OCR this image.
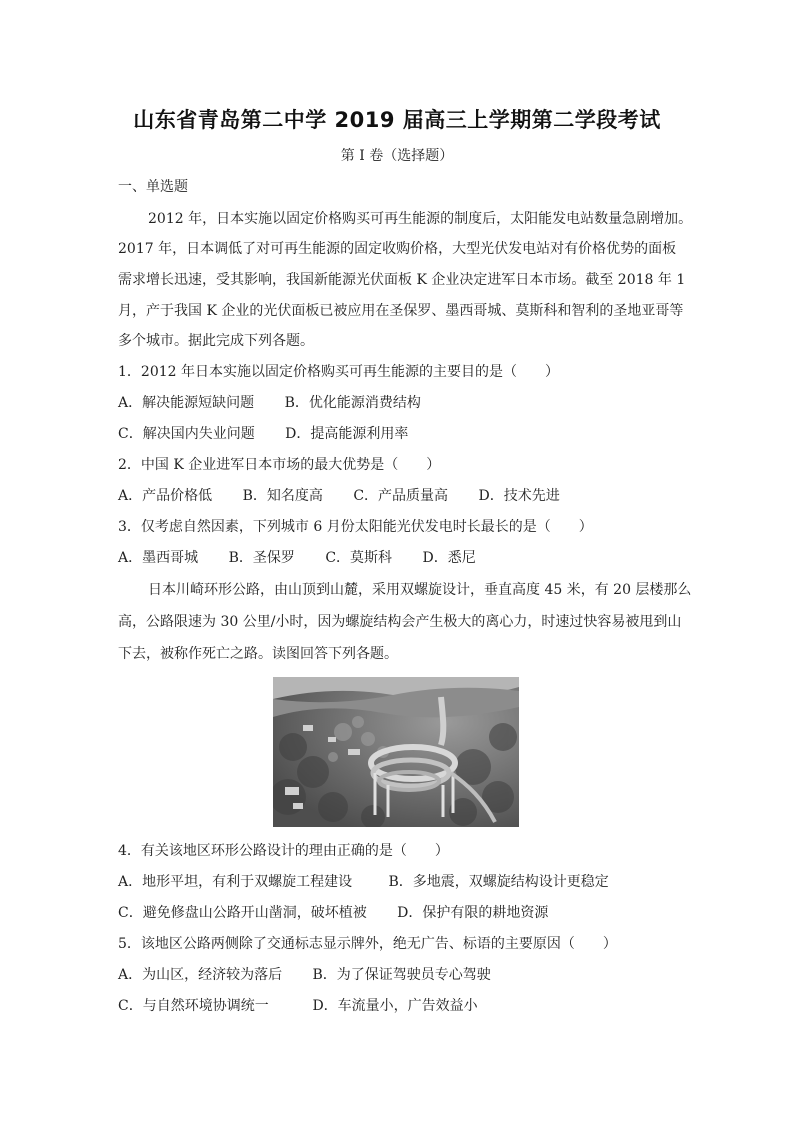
山东省青岛第二中学 2019 届高三上学期第二学段考试
第 I 卷（选择题）
一、单选题
2012 年，日本实施以固定价格购买可再生能源的制度后，太阳能发电站数量急剧增加。
2017 年，日本调低了对可再生能源的固定收购价格，大型光伏发电站对有价格优势的面板
需求增长迅速，受其影响，我国新能源光伏面板 K 企业决定进军日本市场。截至 2018 年 1
月，产于我国 K 企业的光伏面板已被应用在圣保罗、墨西哥城、莫斯科和智利的圣地亚哥等
多个城市。据此完成下列各题。
1．2012 年日本实施以固定价格购买可再生能源的主要目的是（　　）
A．解决能源短缺问题 B．优化能源消费结构
C．解决国内失业问题 D．提高能源利用率
2．中国 K 企业进军日本市场的最大优势是（　　）
A．产品价格低 B．知名度高 C．产品质量高 D．技术先进
3．仅考虑自然因素，下列城市 6 月份太阳能光伏发电时长最长的是（　　）
A．墨西哥城 B．圣保罗 C．莫斯科 D．悉尼
日本川崎环形公路，由山顶到山麓，采用双螺旋设计，垂直高度 45 米，有 20 层楼那么
高，公路限速为 30 公里/小时，因为螺旋结构会产生极大的离心力，时速过快容易被甩到山
下去，被称作死亡之路。读图回答下列各题。
4．有关该地区环形公路设计的理由正确的是（　　）
A．地形平坦，有利于双螺旋工程建设	B．多地震，双螺旋结构设计更稳定
C．避免修盘山公路开山凿洞，破坏植被 D．保护有限的耕地资源
5．该地区公路两侧除了交通标志显示牌外，绝无广告、标语的主要原因（　　）
A．为山区，经济较为落后 B．为了保证驾驶员专心驾驶
C．与自然环境协调统一	D．车流量小，广告效益小
